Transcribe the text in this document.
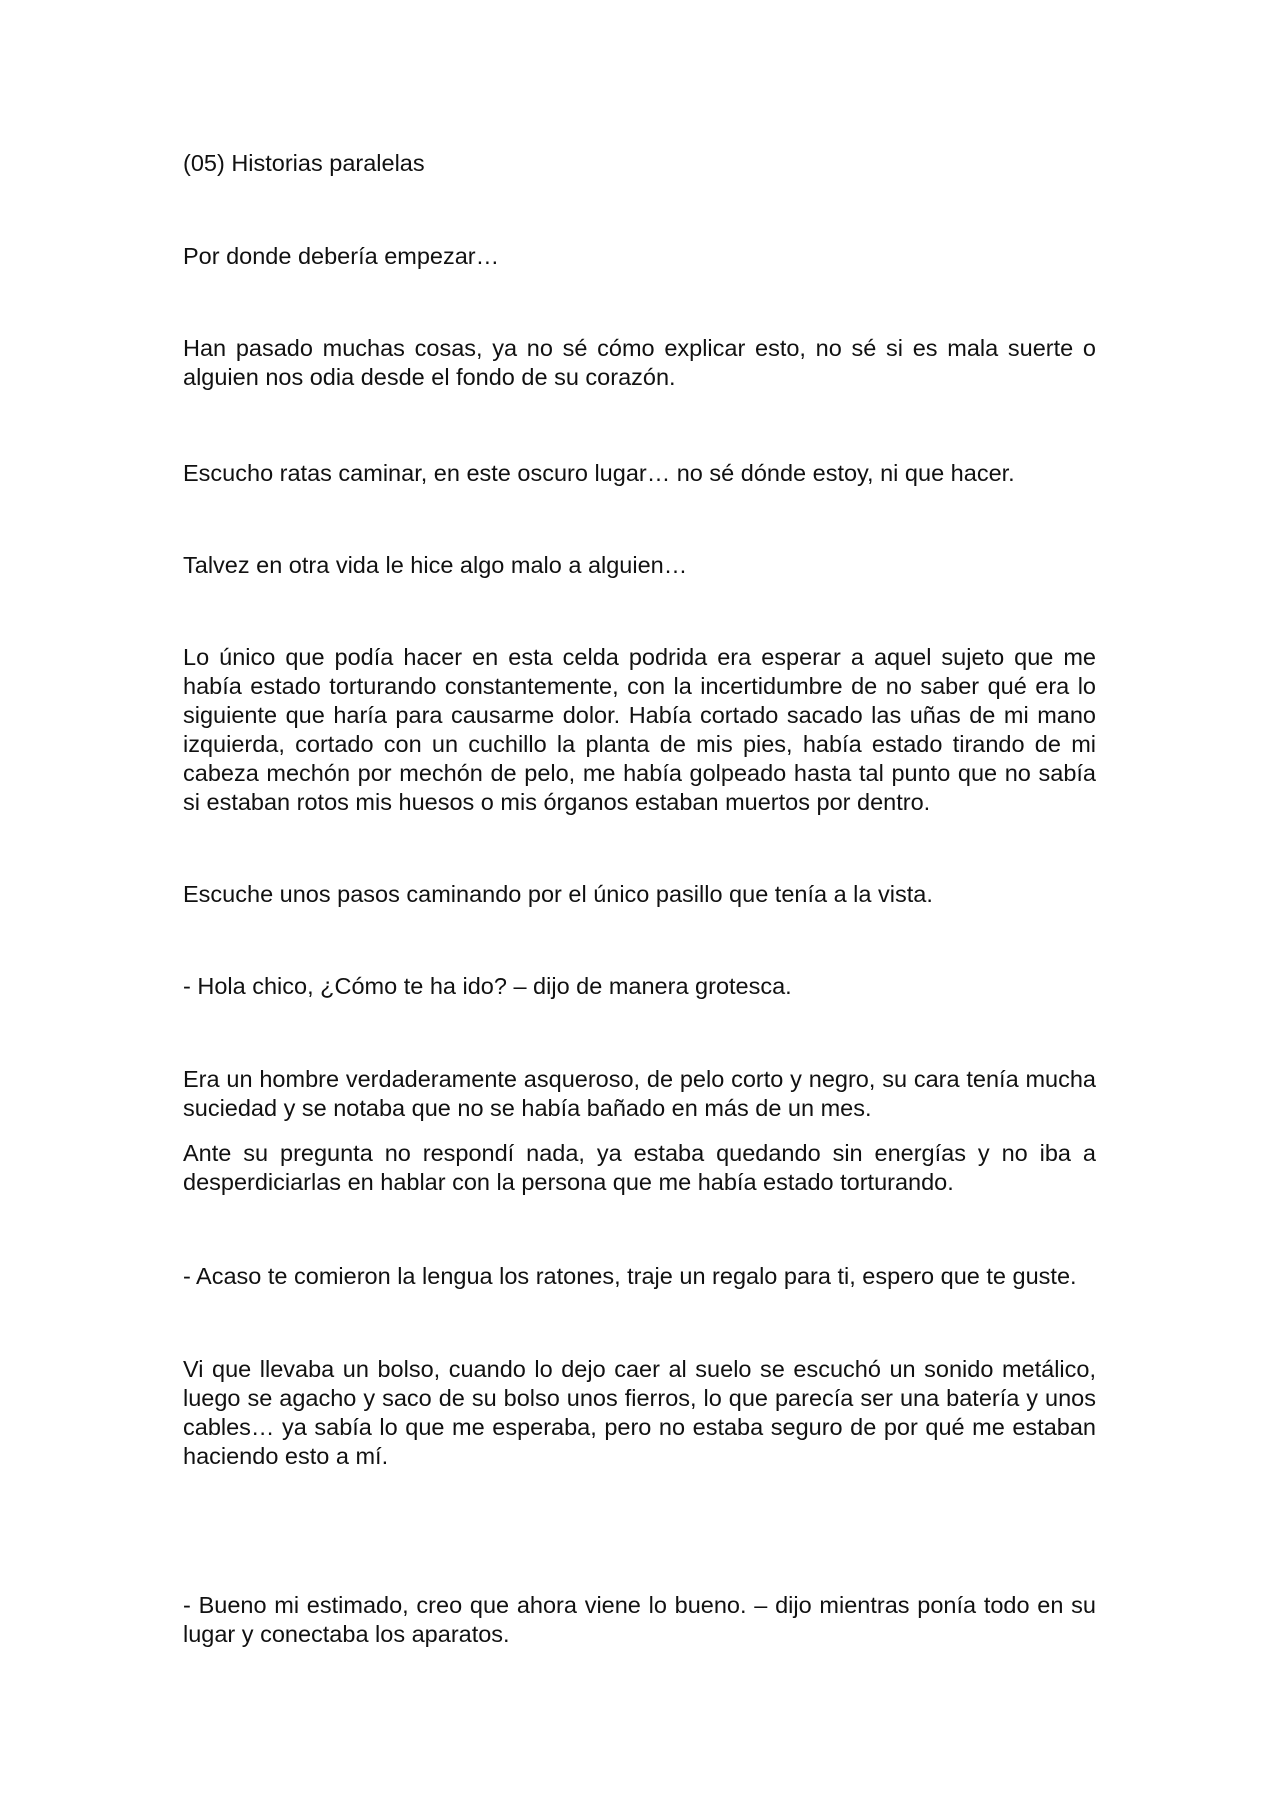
(05) Historias paralelas

Por donde debería empezar…

Han pasado muchas cosas, ya no sé cómo explicar esto, no sé si es mala suerte o alguien nos odia desde el fondo de su corazón.

Escucho ratas caminar, en este oscuro lugar… no sé dónde estoy, ni que hacer.

Talvez en otra vida le hice algo malo a alguien…

Lo único que podía hacer en esta celda podrida era esperar a aquel sujeto que me había estado torturando constantemente, con la incertidumbre de no saber qué era lo siguiente que haría para causarme dolor. Había cortado sacado las uñas de mi mano izquierda, cortado con un cuchillo la planta de mis pies, había estado tirando de mi cabeza mechón por mechón de pelo, me había golpeado hasta tal punto que no sabía si estaban rotos mis huesos o mis órganos estaban muertos por dentro.

Escuche unos pasos caminando por el único pasillo que tenía a la vista.

- Hola chico, ¿Cómo te ha ido? – dijo de manera grotesca.

Era un hombre verdaderamente asqueroso, de pelo corto y negro, su cara tenía mucha suciedad y se notaba que no se había bañado en más de un mes.

Ante su pregunta no respondí nada, ya estaba quedando sin energías y no iba a desperdiciarlas en hablar con la persona que me había estado torturando.

- Acaso te comieron la lengua los ratones, traje un regalo para ti, espero que te guste.

Vi que llevaba un bolso, cuando lo dejo caer al suelo se escuchó un sonido metálico, luego se agacho y saco de su bolso unos fierros, lo que parecía ser una batería y unos cables… ya sabía lo que me esperaba, pero no estaba seguro de por qué me estaban haciendo esto a mí.

- Bueno mi estimado, creo que ahora viene lo bueno. – dijo mientras ponía todo en su lugar y conectaba los aparatos.
